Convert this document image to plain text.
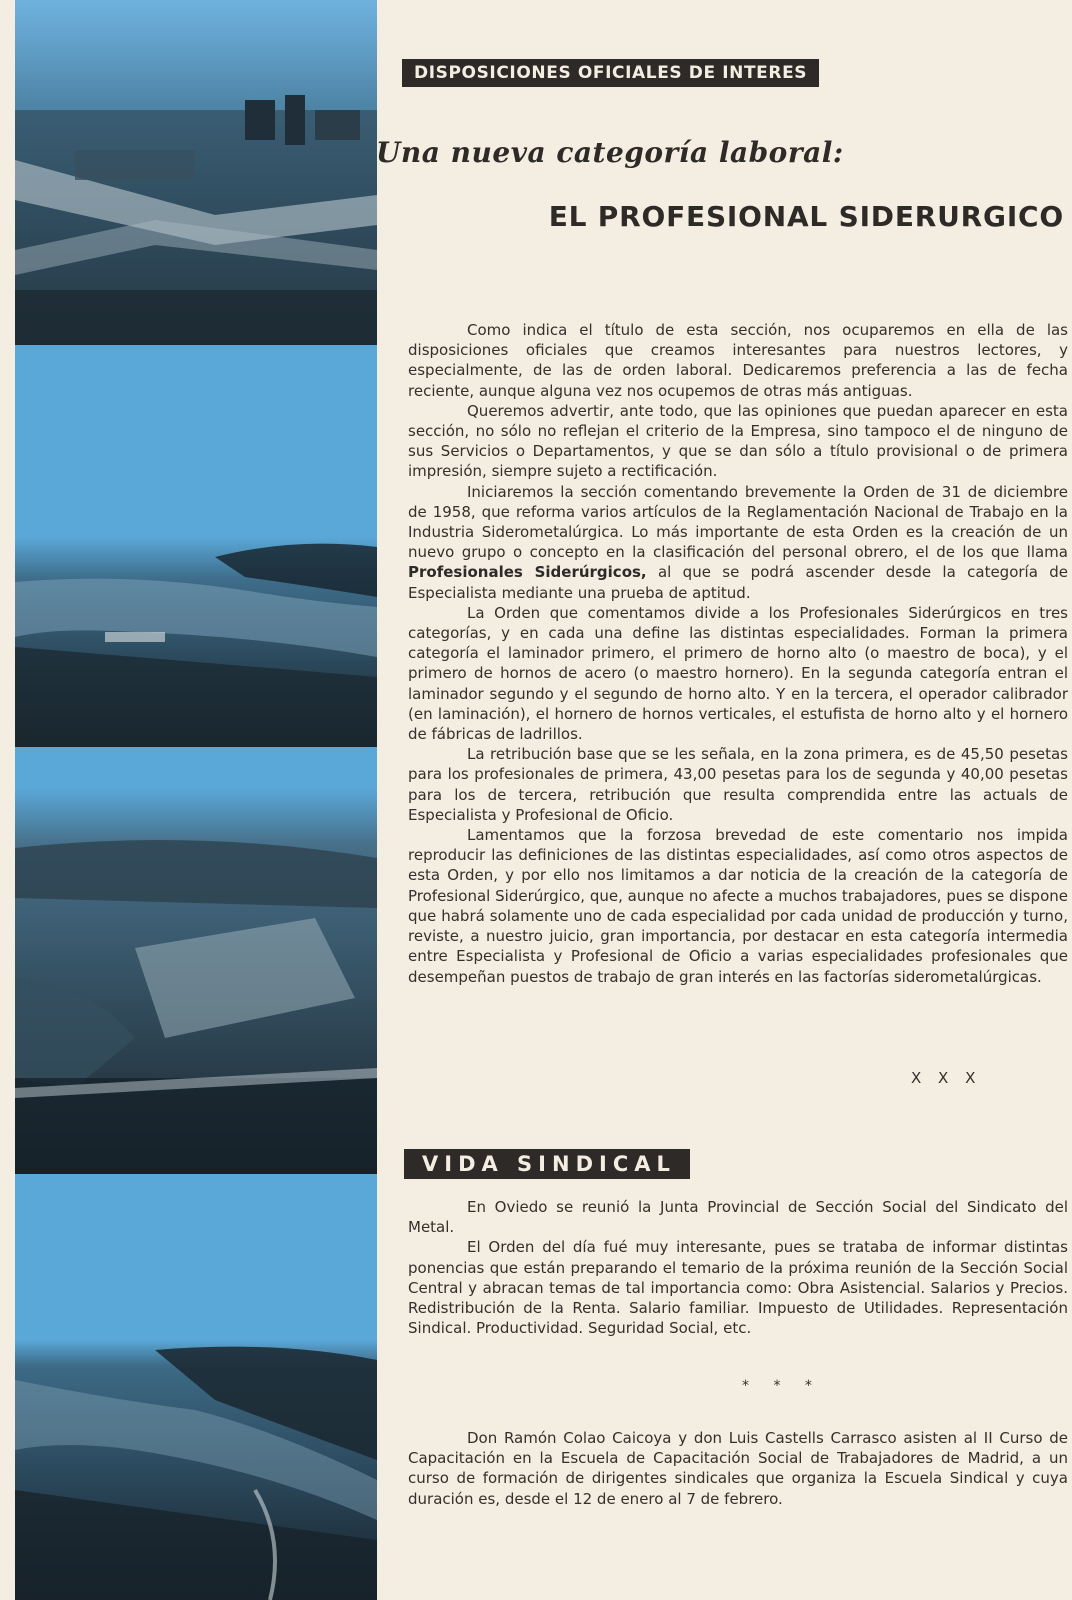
DISPOSICIONES OFICIALES DE INTERES
Una nueva categoría laboral:
EL PROFESIONAL SIDERURGICO

Como indica el título de esta sección, nos ocuparemos en ella de las disposiciones oficiales que creamos interesantes para nuestros lectores, y especialmente, de las de orden laboral. Dedicaremos preferencia a las de fecha reciente, aunque alguna vez nos ocupemos de otras más antiguas.

Queremos advertir, ante todo, que las opiniones que puedan aparecer en esta sección, no sólo no reflejan el criterio de la Empresa, sino tampoco el de ninguno de sus Servicios o Departamentos, y que se dan sólo a título provisional o de primera impresión, siempre sujeto a rectificación.

Iniciaremos la sección comentando brevemente la Orden de 31 de diciembre de 1958, que reforma varios artículos de la Reglamentación Nacional de Trabajo en la Industria Siderometalúrgica. Lo más importante de esta Orden es la creación de un nuevo grupo o concepto en la clasificación del personal obrero, el de los que llama Profesionales Siderúrgicos, al que se podrá ascender desde la categoría de Especialista mediante una prueba de aptitud.

La Orden que comentamos divide a los Profesionales Siderúrgicos en tres categorías, y en cada una define las distintas especialidades. Forman la primera categoría el laminador primero, el primero de horno alto (o maestro de boca), y el primero de hornos de acero (o maestro hornero). En la segunda categoría entran el laminador segundo y el segundo de horno alto. Y en la tercera, el operador calibrador (en laminación), el hornero de hornos verticales, el estufista de horno alto y el hornero de fábricas de ladrillos.

La retribución base que se les señala, en la zona primera, es de 45,50 pesetas para los profesionales de primera, 43,00 pesetas para los de segunda y 40,00 pesetas para los de tercera, retribución que resulta comprendida entre las actuals de Especialista y Profesional de Oficio.

Lamentamos que la forzosa brevedad de este comentario nos impida reproducir las definiciones de las distintas especialidades, así como otros aspectos de esta Orden, y por ello nos limitamos a dar noticia de la creación de la categoría de Profesional Siderúrgico, que, aunque no afecte a muchos trabajadores, pues se dispone que habrá solamente uno de cada especialidad por cada unidad de producción y turno, reviste, a nuestro juicio, gran importancia, por destacar en esta categoría intermedia entre Especialista y Profesional de Oficio a varias especialidades profesionales que desempeñan puestos de trabajo de gran interés en las factorías siderometalúrgicas.

X X X
VIDA SINDICAL

En Oviedo se reunió la Junta Provincial de Sección Social del Sindicato del Metal.

El Orden del día fué muy interesante, pues se trataba de informar distintas ponencias que están preparando el temario de la próxima reunión de la Sección Social Central y abracan temas de tal importancia como: Obra Asistencial. Salarios y Precios. Redistribución de la Renta. Salario familiar. Impuesto de Utilidades. Representación Sindical. Productividad. Seguridad Social, etc.

* * *

Don Ramón Colao Caicoya y don Luis Castells Carrasco asisten al II Curso de Capacitación en la Escuela de Capacitación Social de Trabajadores de Madrid, a un curso de formación de dirigentes sindicales que organiza la Escuela Sindical y cuya duración es, desde el 12 de enero al 7 de febrero.
